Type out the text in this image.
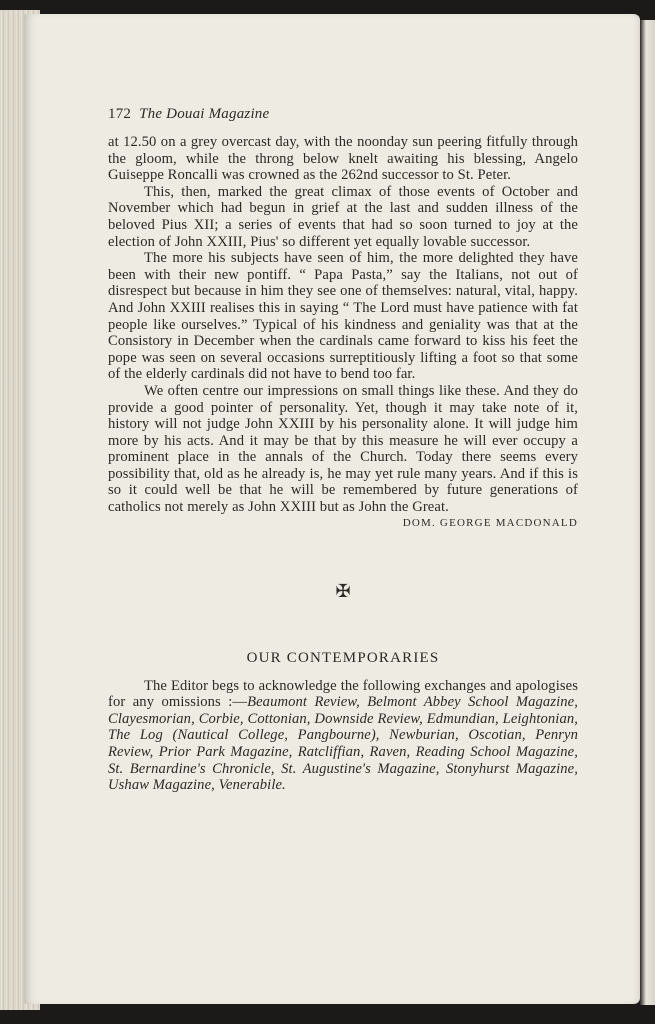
172 The Douai Magazine

at 12.50 on a grey overcast day, with the noonday sun peering fitfully through the gloom, while the throng below knelt awaiting his blessing, Angelo Guiseppe Roncalli was crowned as the 262nd successor to St. Peter.

This, then, marked the great climax of those events of October and November which had begun in grief at the last and sudden illness of the beloved Pius XII; a series of events that had so soon turned to joy at the election of John XXIII, Pius' so different yet equally lovable successor.

The more his subjects have seen of him, the more delighted they have been with their new pontiff. “ Papa Pasta,” say the Italians, not out of disrespect but because in him they see one of themselves: natural, vital, happy. And John XXIII realises this in saying “ The Lord must have patience with fat people like ourselves.” Typical of his kindness and geniality was that at the Consistory in December when the cardinals came forward to kiss his feet the pope was seen on several occasions surreptitiously lifting a foot so that some of the elderly cardinals did not have to bend too far.

We often centre our impressions on small things like these. And they do provide a good pointer of personality. Yet, though it may take note of it, history will not judge John XXIII by his personality alone. It will judge him more by his acts. And it may be that by this measure he will ever occupy a prominent place in the annals of the Church. Today there seems every possibility that, old as he already is, he may yet rule many years. And if this is so it could well be that he will be remembered by future generations of catholics not merely as John XXIII but as John the Great.

DOM. GEORGE MACDONALD
✠
OUR CONTEMPORARIES

The Editor begs to acknowledge the following exchanges and apologises for any omissions :—Beaumont Review, Belmont Abbey School Magazine, Clayesmorian, Corbie, Cottonian, Downside Review, Edmundian, Leightonian, The Log (Nautical College, Pangbourne), Newburian, Oscotian, Penryn Review, Prior Park Magazine, Ratcliffian, Raven, Reading School Magazine, St. Bernardine's Chronicle, St. Augustine's Magazine, Stonyhurst Magazine, Ushaw Magazine, Venerabile.
